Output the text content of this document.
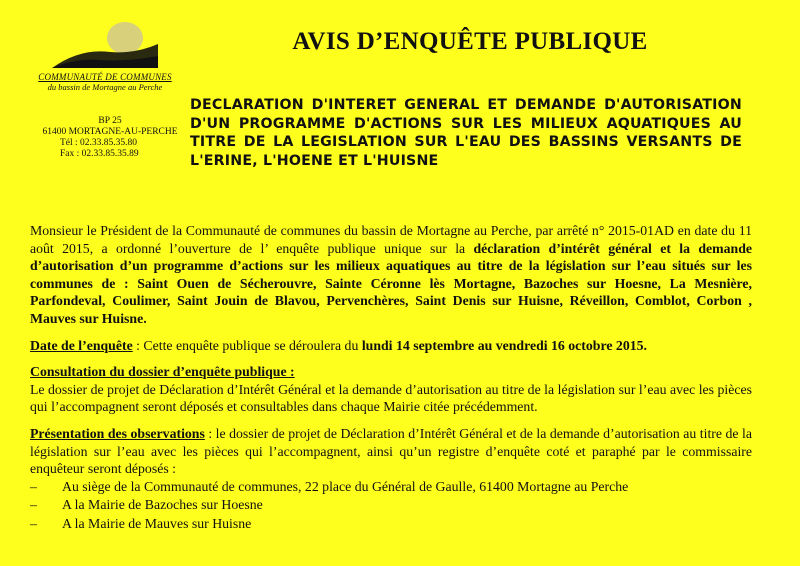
COMMUNAUTÉ DE COMMUNES
du bassin de Mortagne au Perche
BP 25
61400 MORTAGNE-AU-PERCHE
Tél : 02.33.85.35.80
Fax : 02.33.85.35.89
AVIS D’ENQUÊTE PUBLIQUE
DECLARATION D'INTERET GENERAL ET DEMANDE D'AUTORISATION D'UN PROGRAMME D'ACTIONS SUR LES MILIEUX AQUATIQUES AU TITRE DE LA LEGISLATION SUR L'EAU DES BASSINS VERSANTS DE L'ERINE, L'HOENE ET L'HUISNE

Monsieur le Président de la Communauté de communes du bassin de Mortagne au Perche, par arrêté n° 2015-01AD en date du 11 août 2015, a ordonné l’ouverture de l’ enquête publique unique sur la déclaration d’intérêt général et la demande d’autorisation d’un programme d’actions sur les milieux aquatiques au titre de la législation sur l’eau situés sur les communes de : Saint Ouen de Sécherouvre, Sainte Céronne lès Mortagne, Bazoches sur Hoesne, La Mesnière, Parfondeval, Coulimer, Saint Jouin de Blavou, Pervenchères, Saint Denis sur Huisne, Réveillon, Comblot, Corbon , Mauves sur Huisne.

Date de l’enquête : Cette enquête publique se déroulera du lundi 14 septembre au vendredi 16 octobre 2015.

Consultation du dossier d’enquête publique :
Le dossier de projet de Déclaration d’Intérêt Général et la demande d’autorisation au titre de la législation sur l’eau avec les pièces qui l’accompagnent seront déposés et consultables dans chaque Mairie citée précédemment.

Présentation des observations : le dossier de projet de Déclaration d’Intérêt Général et de la demande d’autorisation au titre de la législation sur l’eau avec les pièces qui l’accompagnent, ainsi qu’un registre d’enquête coté et paraphé par le commissaire enquêteur seront déposés :

–	Au siège de la Communauté de communes, 22 place du Général de Gaulle, 61400 Mortagne au Perche
–	A la Mairie de Bazoches sur Hoesne
–	A la Mairie de Mauves sur Huisne
